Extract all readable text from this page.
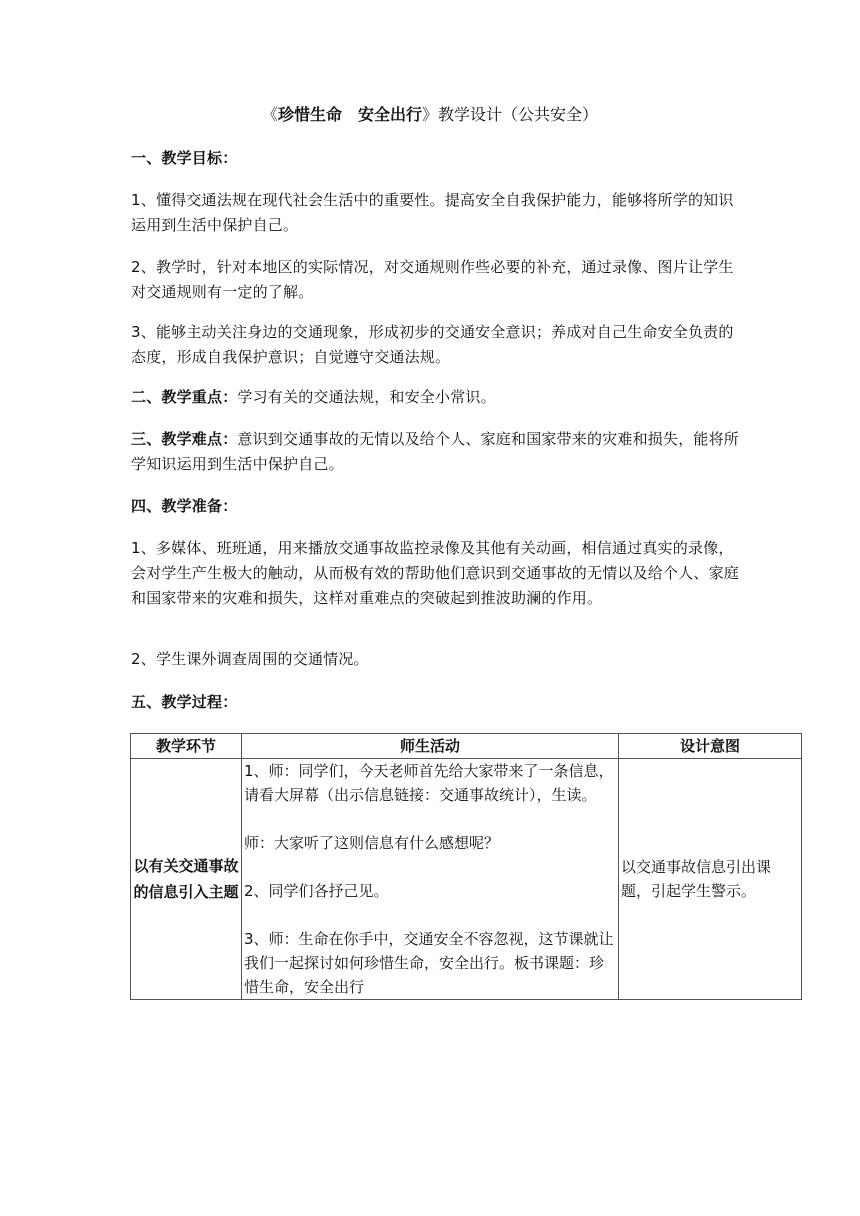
《珍惜生命　安全出行》教学设计（公共安全）
一、教学目标：
1、懂得交通法规在现代社会生活中的重要性。提高安全自我保护能力，能够将所学的知识运用到生活中保护自己。
2、教学时，针对本地区的实际情况，对交通规则作些必要的补充，通过录像、图片让学生对交通规则有一定的了解。
3、能够主动关注身边的交通现象，形成初步的交通安全意识；养成对自己生命安全负责的态度，形成自我保护意识；自觉遵守交通法规。
二、教学重点：学习有关的交通法规，和安全小常识。
三、教学难点：意识到交通事故的无情以及给个人、家庭和国家带来的灾难和损失，能将所学知识运用到生活中保护自己。
四、教学准备：
1、多媒体、班班通，用来播放交通事故监控录像及其他有关动画，相信通过真实的录像，会对学生产生极大的触动，从而极有效的帮助他们意识到交通事故的无情以及给个人、家庭和国家带来的灾难和损失，这样对重难点的突破起到推波助澜的作用。
2、学生课外调查周围的交通情况。
五、教学过程：
教学环节	师生活动	设计意图
以有关交通事故的信息引入主题	1、师：同学们，今天老师首先给大家带来了一条信息，请看大屏幕（出示信息链接：交通事故统计），生读。

师：大家听了这则信息有什么感想呢？

2、同学们各抒己见。

3、师：生命在你手中，交通安全不容忽视，这节课就让我们一起探讨如何珍惜生命，安全出行。板书课题：珍惜生命，安全出行	以交通事故信息引出课题，引起学生警示。
